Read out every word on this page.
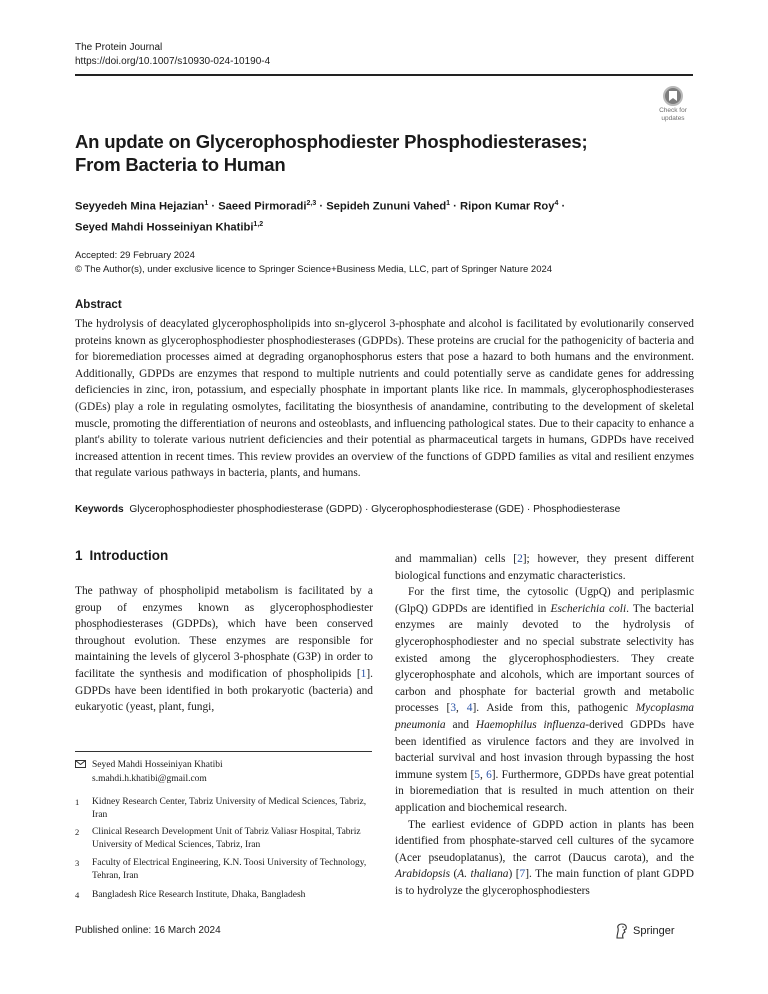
The Protein Journal
https://doi.org/10.1007/s10930-024-10190-4
Check for
updates
An update on Glycerophosphodiester Phosphodiesterases; From Bacteria to Human
Seyyedeh Mina Hejazian$^1$ · Saeed Pirmoradi$^{2,3}$ · Sepideh Zununi Vahed$^1$ · Ripon Kumar Roy$^4$ ·
Seyed Mahdi Hosseiniyan Khatibi$^{1,2}$
Accepted: 29 February 2024
© The Author(s), under exclusive licence to Springer Science+Business Media, LLC, part of Springer Nature 2024
Abstract
The hydrolysis of deacylated glycerophospholipids into sn-glycerol 3-phosphate and alcohol is facilitated by evolutionarily conserved proteins known as glycerophosphodiester phosphodiesterases (GDPDs). These proteins are crucial for the pathogenicity of bacteria and for bioremediation processes aimed at degrading organophosphorus esters that pose a hazard to both humans and the environment. Additionally, GDPDs are enzymes that respond to multiple nutrients and could potentially serve as candidate genes for addressing deficiencies in zinc, iron, potassium, and especially phosphate in important plants like rice. In mammals, glycerophosphodiesterases (GDEs) play a role in regulating osmolytes, facilitating the biosynthesis of anandamine, contributing to the development of skeletal muscle, promoting the differentiation of neurons and osteoblasts, and influencing pathological states. Due to their capacity to enhance a plant's ability to tolerate various nutrient deficiencies and their potential as pharmaceutical targets in humans, GDPDs have received increased attention in recent times. This review provides an overview of the functions of GDPD families as vital and resilient enzymes that regulate various pathways in bacteria, plants, and humans.
Keywords Glycerophosphodiester phosphodiesterase (GDPD) · Glycerophosphodiesterase (GDE) · Phosphodiesterase
1 Introduction

The pathway of phospholipid metabolism is facilitated by a group of enzymes known as glycerophosphodiester phosphodiesterases (GDPDs), which have been conserved throughout evolution. These enzymes are responsible for maintaining the levels of glycerol 3-phosphate (G3P) in order to facilitate the synthesis and modification of phospholipids [1]. GDPDs have been identified in both prokaryotic (bacteria) and eukaryotic (yeast, plant, fungi,

and mammalian) cells [2]; however, they present different biological functions and enzymatic characteristics.

For the first time, the cytosolic (UgpQ) and periplasmic (GlpQ) GDPDs are identified in Escherichia coli. The bacterial enzymes are mainly devoted to the hydrolysis of glycerophosphodiester and no special substrate selectivity has existed among the glycerophosphodiesters. They create glycerophosphate and alcohols, which are important sources of carbon and phosphate for bacterial growth and metabolic processes [3, 4]. Aside from this, pathogenic Mycoplasma pneumonia and Haemophilus influenza-derived GDPDs have been identified as virulence factors and they are involved in bacterial survival and host invasion through bypassing the host immune system [5, 6]. Furthermore, GDPDs have great potential in bioremediation that is resulted in much attention on their application and biochemical research.

The earliest evidence of GDPD action in plants has been identified from phosphate-starved cell cultures of the sycamore (Acer pseudoplatanus), the carrot (Daucus carota), and the Arabidopsis (A. thaliana) [7]. The main function of plant GDPD is to hydrolyze the glycerophosphodiesters

Seyed Mahdi Hosseiniyan Khatibi
s.mahdi.h.khatibi@gmail.com
1	Kidney Research Center, Tabriz University of Medical Sciences, Tabriz, Iran
2	Clinical Research Development Unit of Tabriz Valiasr Hospital, Tabriz University of Medical Sciences, Tabriz, Iran
3	Faculty of Electrical Engineering, K.N. Toosi University of Technology, Tehran, Iran
4	Bangladesh Rice Research Institute, Dhaka, Bangladesh
Published online: 16 March 2024	Springer
